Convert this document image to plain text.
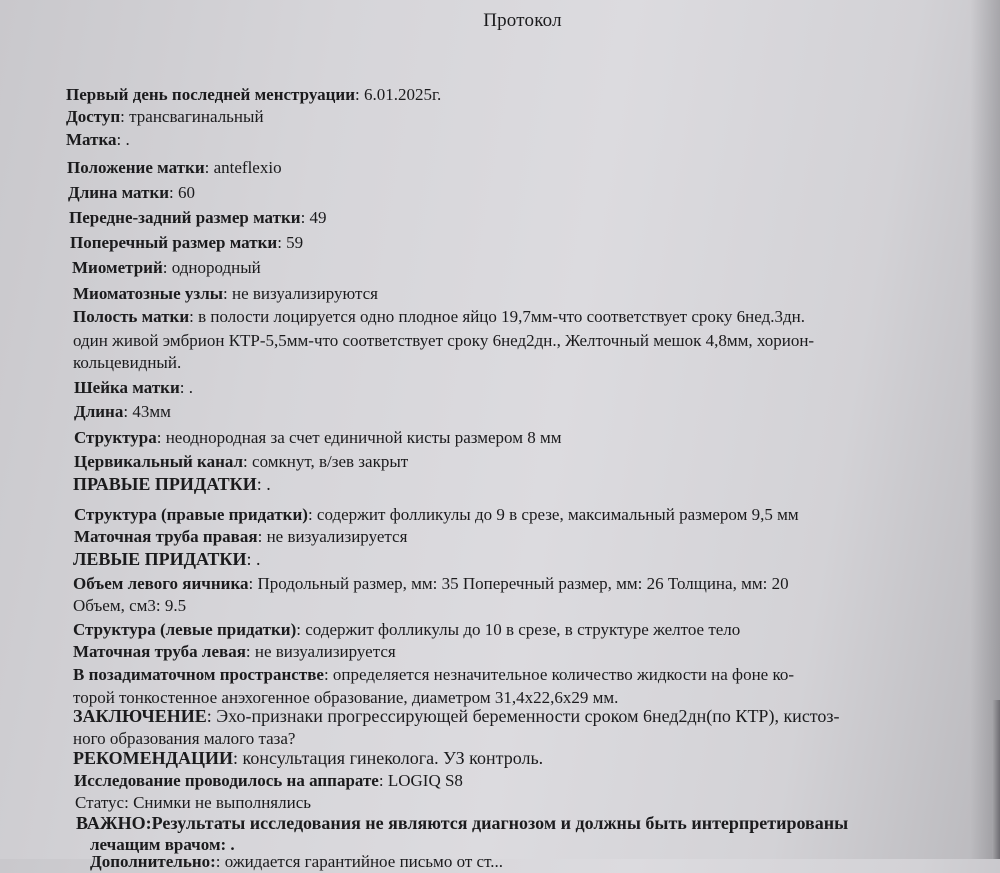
Протокол
Первый день последней менструации: 6.01.2025г.
Доступ: трансвагинальный
Матка: .
Положение матки: anteflexio
Длина матки: 60
Передне-задний размер матки: 49
Поперечный размер матки: 59
Миометрий: однородный
Миоматозные узлы: не визуализируются
Полость матки: в полости лоцируется одно плодное яйцо 19,7мм-что соответствует сроку 6нед.3дн.
один живой эмбрион КТР-5,5мм-что соответствует сроку 6нед2дн., Желточный мешок 4,8мм, хорион-
кольцевидный.
Шейка матки: .
Длина: 43мм
Структура: неоднородная за счет единичной кисты размером 8 мм
Цервикальный канал: сомкнут, в/зев закрыт
ПРАВЫЕ ПРИДАТКИ: .
Структура (правые придатки): содержит фолликулы до 9 в срезе, максимальный размером 9,5 мм
Маточная труба правая: не визуализируется
ЛЕВЫЕ ПРИДАТКИ: .
Объем левого яичника: Продольный размер, мм: 35 Поперечный размер, мм: 26 Толщина, мм: 20
Объем, см3: 9.5
Структура (левые придатки): содержит фолликулы до 10 в срезе, в структуре желтое тело
Маточная труба левая: не визуализируется
В позадиматочном пространстве: определяется незначительное количество жидкости на фоне ко-
торой тонкостенное анэхогенное образование, диаметром 31,4х22,6х29 мм.
ЗАКЛЮЧЕНИЕ: Эхо-признаки прогрессирующей беременности сроком 6нед2дн(по КТР), кистоз-
ного образования малого таза?
РЕКОМЕНДАЦИИ: консультация гинеколога. УЗ контроль.
Исследование проводилось на аппарате: LOGIQ S8
Статус: Снимки не выполнялись
ВАЖНО:Результаты исследования не являются диагнозом и должны быть интерпретированы
лечащим врачом: .
Дополнительно:: ожидается гарантийное письмо от ст...
